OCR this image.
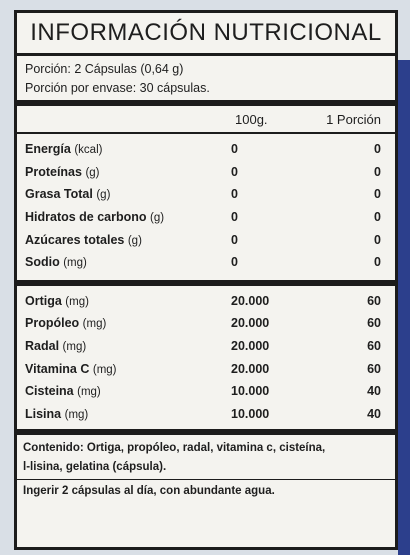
INFORMACIÓN NUTRICIONAL
Porción: 2 Cápsulas (0,64 g)
Porción por envase: 30 cápsulas.
100g.	1 Porción
Energía (kcal)	0	0
Proteínas (g)	0	0
Grasa Total (g)	0	0
Hidratos de carbono (g)	0	0
Azúcares totales (g)	0	0
Sodio (mg)	0	0
Ortiga (mg)	20.000	60
Propóleo (mg)	20.000	60
Radal (mg)	20.000	60
Vitamina C (mg)	20.000	60
Cisteina (mg)	10.000	40
Lisina (mg)	10.000	40
Contenido: Ortiga, propóleo, radal, vitamina c, cisteína,
l-lisina, gelatina (cápsula).
Ingerir 2 cápsulas al día, con abundante agua.
